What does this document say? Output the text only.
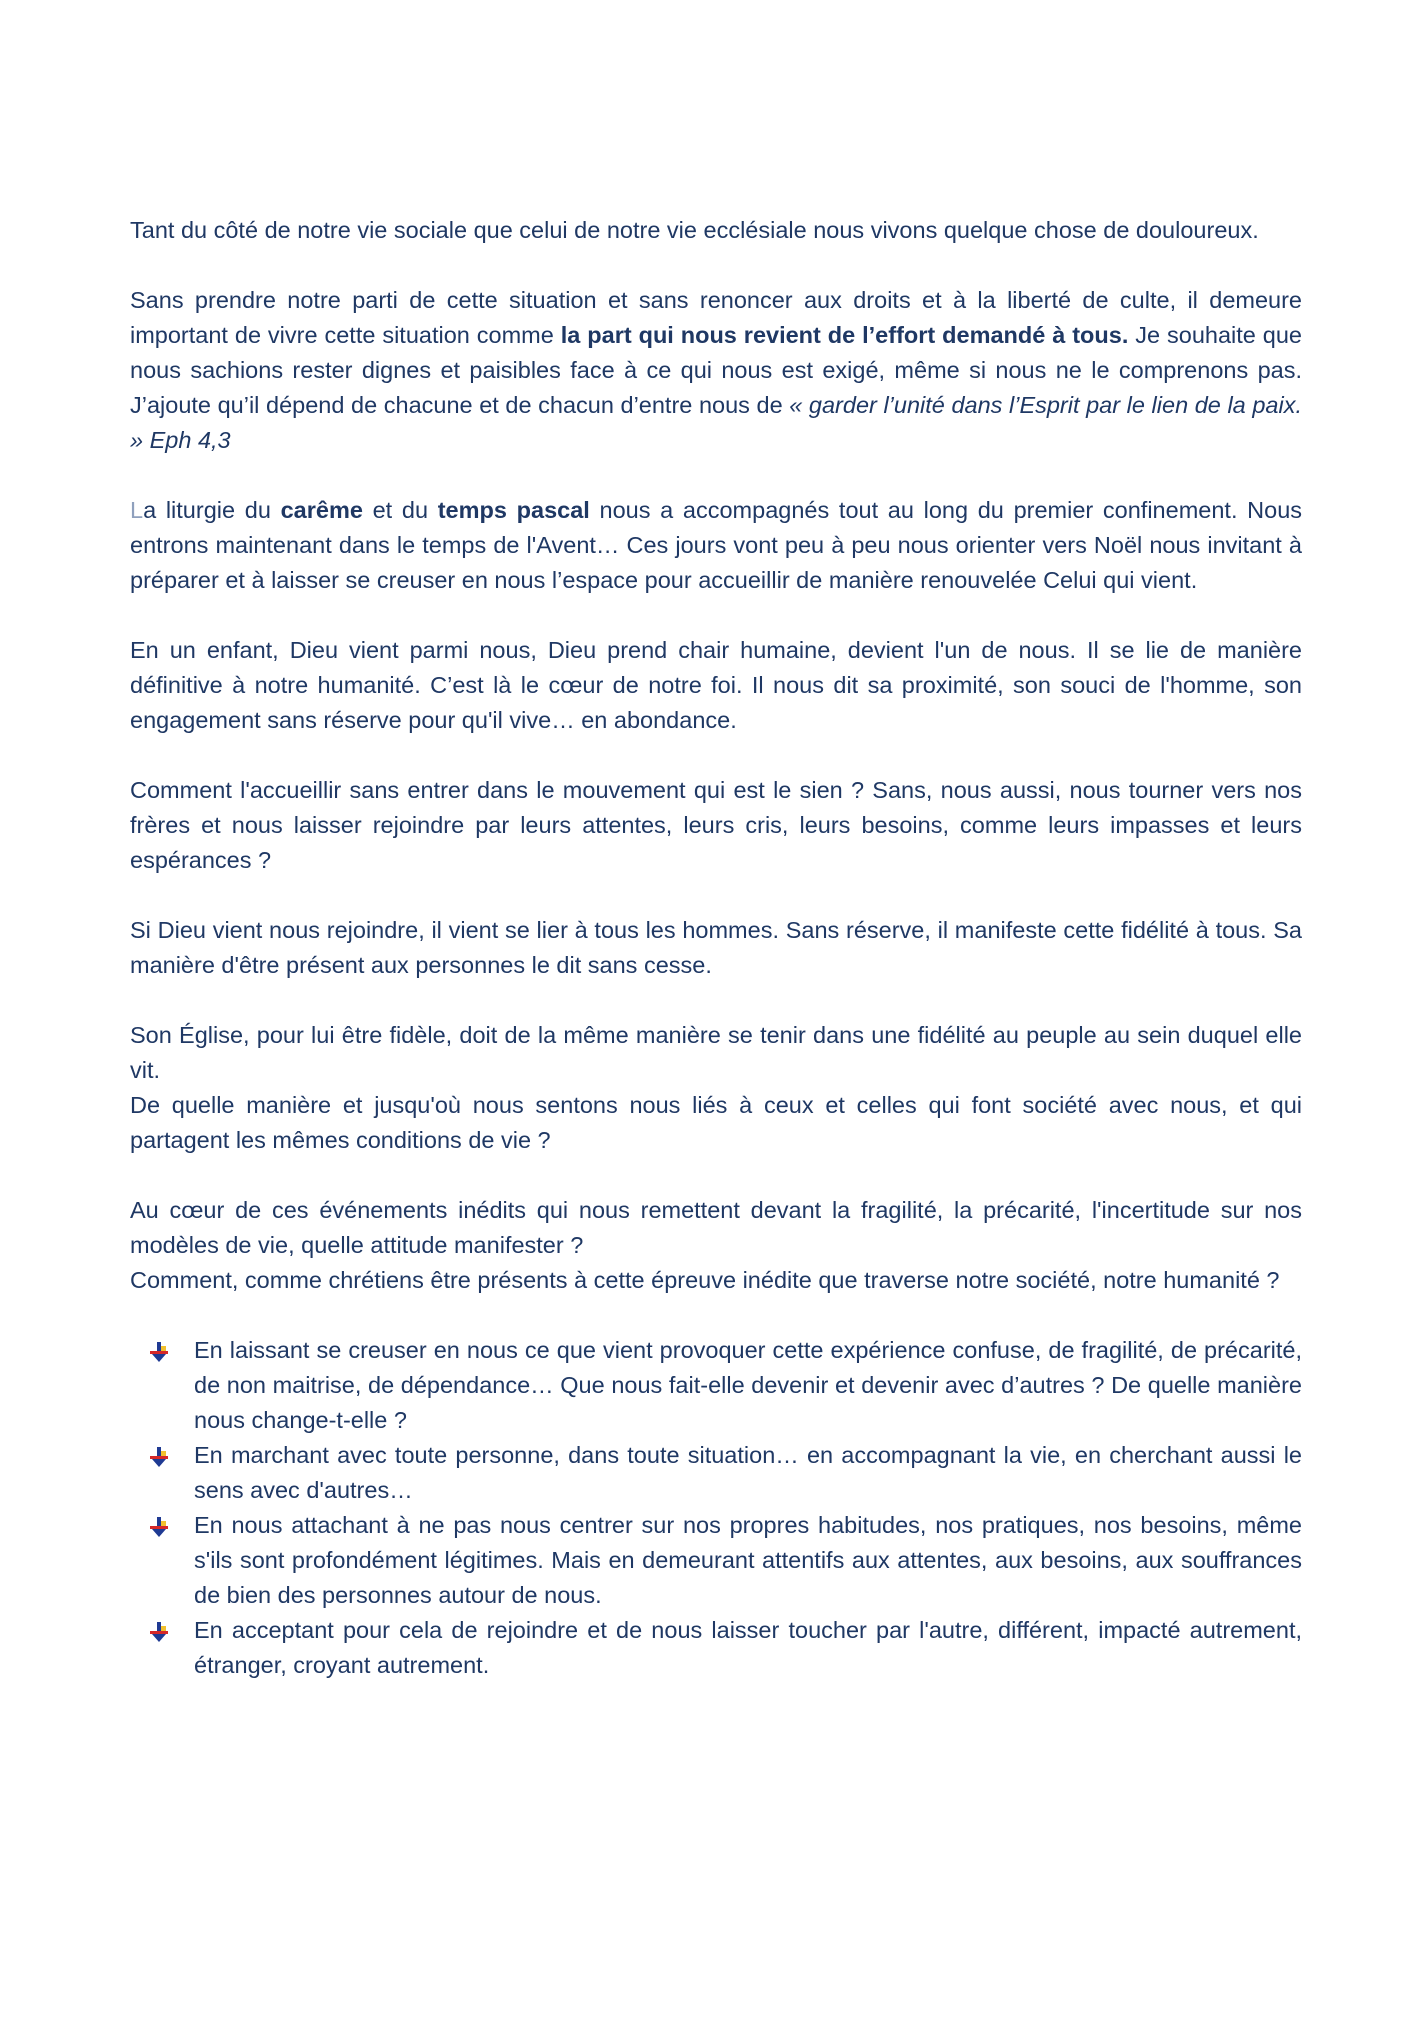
Tant du côté de notre vie sociale que celui de notre vie ecclésiale nous vivons quelque chose de douloureux.

Sans prendre notre parti de cette situation et sans renoncer aux droits et à la liberté de culte, il demeure important de vivre cette situation comme la part qui nous revient de l’effort demandé à tous. Je souhaite que nous sachions rester dignes et paisibles face à ce qui nous est exigé, même si nous ne le comprenons pas. J’ajoute qu’il dépend de chacune et de chacun d’entre nous de « garder l’unité dans l’Esprit par le lien de la paix. » Eph 4,3

La liturgie du carême et du temps pascal nous a accompagnés tout au long du premier confinement. Nous entrons maintenant dans le temps de l'Avent… Ces jours vont peu à peu nous orienter vers Noël nous invitant à préparer et à laisser se creuser en nous l’espace pour accueillir de manière renouvelée Celui qui vient.

En un enfant, Dieu vient parmi nous, Dieu prend chair humaine, devient l'un de nous. Il se lie de manière définitive à notre humanité. C’est là le cœur de notre foi. Il nous dit sa proximité, son souci de l'homme, son engagement sans réserve pour qu'il vive… en abondance.

Comment l'accueillir sans entrer dans le mouvement qui est le sien ? Sans, nous aussi, nous tourner vers nos frères et nous laisser rejoindre par leurs attentes, leurs cris, leurs besoins, comme leurs impasses et leurs espérances ?

Si Dieu vient nous rejoindre, il vient se lier à tous les hommes. Sans réserve, il manifeste cette fidélité à tous. Sa manière d'être présent aux personnes le dit sans cesse.

Son Église, pour lui être fidèle, doit de la même manière se tenir dans une fidélité au peuple au sein duquel elle vit.

De quelle manière et jusqu'où nous sentons nous liés à ceux et celles qui font société avec nous, et qui partagent les mêmes conditions de vie ?

Au cœur de ces événements inédits qui nous remettent devant la fragilité, la précarité, l'incertitude sur nos modèles de vie, quelle attitude manifester ?

Comment, comme chrétiens être présents à cette épreuve inédite que traverse notre société, notre humanité ?

En laissant se creuser en nous ce que vient provoquer cette expérience confuse, de fragilité, de précarité, de non maitrise, de dépendance… Que nous fait-elle devenir et devenir avec d’autres ? De quelle manière nous change-t-elle ?
En marchant avec toute personne, dans toute situation… en accompagnant la vie, en cherchant aussi le sens avec d'autres…
En nous attachant à ne pas nous centrer sur nos propres habitudes, nos pratiques, nos besoins, même s'ils sont profondément légitimes. Mais en demeurant attentifs aux attentes, aux besoins, aux souffrances de bien des personnes autour de nous.
En acceptant pour cela de rejoindre et de nous laisser toucher par l'autre, différent, impacté autrement, étranger, croyant autrement.
